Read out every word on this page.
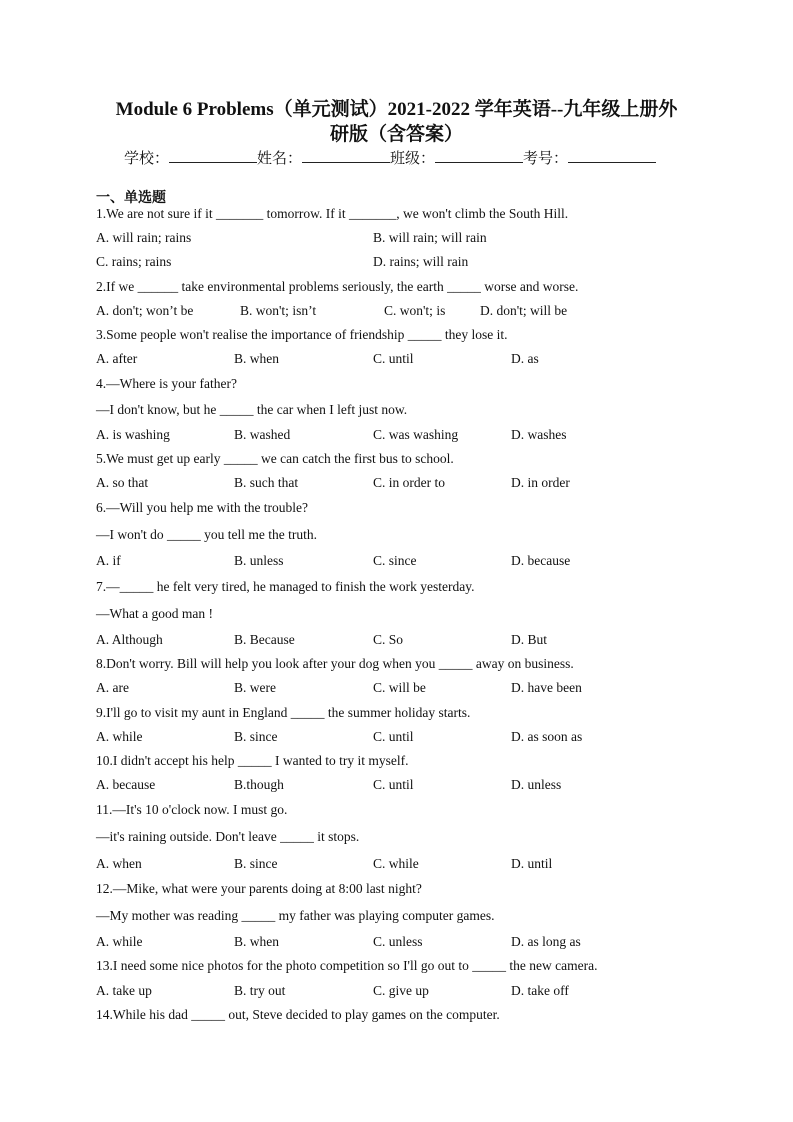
Module 6 Problems（单元测试）2021-2022 学年英语--九年级上册外
研版（含答案）
学校：	姓名：	班级：	考号：
一、单选题
1.We are not sure if it _______ tomorrow. If it _______, we won't climb the South Hill.
A. will rain; rains	B. will rain; will rain
C. rains; rains	D. rains; will rain
2.If we ______ take environmental problems seriously, the earth _____ worse and worse.
A. don't; won’t be	B. won't; isn’t	C. won't; is	D. don't; will be
3.Some people won't realise the importance of friendship _____ they lose it.
A. after	B. when	C. until	D. as
4.—Where is your father?
—I don't know, but he _____ the car when I left just now.
A. is washing	B. washed	C. was washing	D. washes
5.We must get up early _____ we can catch the first bus to school.
A. so that	B. such that	C. in order to	D. in order
6.—Will you help me with the trouble?
—I won't do _____ you tell me the truth.
A. if	B. unless	C. since	D. because
7.—_____ he felt very tired, he managed to finish the work yesterday.
—What a good man !
A. Although	B. Because	C. So	D. But
8.Don't worry. Bill will help you look after your dog when you _____ away on business.
A. are	B. were	C. will be	D. have been
9.I'll go to visit my aunt in England _____ the summer holiday starts.
A. while	B. since	C. until	D. as soon as
10.I didn't accept his help _____ I wanted to try it myself.
A. because	B.though	C. until	D. unless
11.—It's 10 o'clock now. I must go.
—it's raining outside. Don't leave _____ it stops.
A. when	B. since	C. while	D. until
12.—Mike, what were your parents doing at 8:00 last night?
—My mother was reading _____ my father was playing computer games.
A. while	B. when	C. unless	D. as long as
13.I need some nice photos for the photo competition so I'll go out to _____ the new camera.
A. take up	B. try out	C. give up	D. take off
14.While his dad _____ out, Steve decided to play games on the computer.
